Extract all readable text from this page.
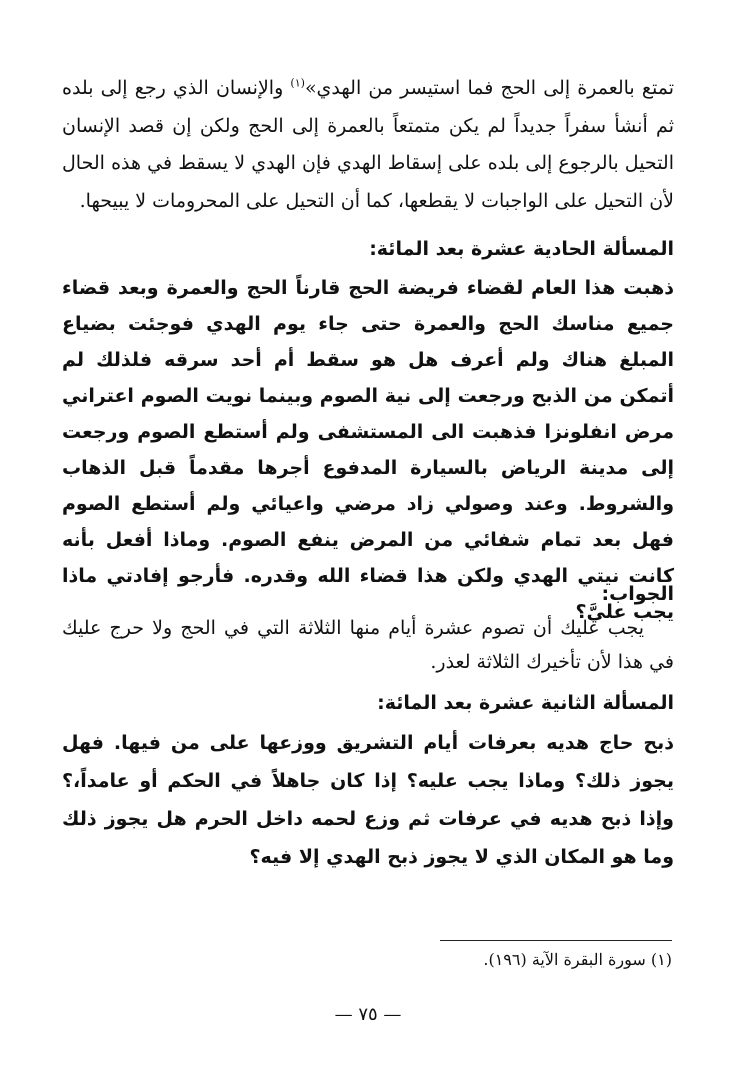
تمتع بالعمرة إلى الحج فما استيسر من الهدي»$^{(١)}$ والإنسان الذي رجع إلى بلده ثم أنشأ سفراً جديداً لم يكن متمتعاً بالعمرة إلى الحج ولكن إن قصد الإنسان التحيل بالرجوع إلى بلده على إسقاط الهدي فإن الهدي لا يسقط في هذه الحال لأن التحيل على الواجبات لا يقطعها، كما أن التحيل على المحرومات لا يبيحها.

المسألة الحادية عشرة بعد المائة:

ذهبت هذا العام لقضاء فريضة الحج قارناً الحج والعمرة وبعد قضاء جميع مناسك الحج والعمرة حتى جاء يوم الهدي فوجئت بضياع المبلغ هناك ولم أعرف هل هو سقط أم أحد سرقه فلذلك لم أتمكن من الذبح ورجعت إلى نية الصوم وبينما نويت الصوم اعتراني مرض انفلونزا فذهبت الى المستشفى ولم أستطع الصوم ورجعت إلى مدينة الرياض بالسيارة المدفوع أجرها مقدماً قبل الذهاب والشروط. وعند وصولي زاد مرضي واعيائي ولم أستطع الصوم فهل بعد تمام شفائي من المرض ينفع الصوم. وماذا أفعل بأنه كانت نيتي الهدي ولكن هذا قضاء الله وقدره. فأرجو إفادتي ماذا يجب عليَّ؟

الجواب:

يجب عليك أن تصوم عشرة أيام منها الثلاثة التي في الحج ولا حرج عليك في هذا لأن تأخيرك الثلاثة لعذر.

المسألة الثانية عشرة بعد المائة:

ذبح حاج هديه بعرفات أيام التشريق ووزعها على من فيها. فهل يجوز ذلك؟ وماذا يجب عليه؟ إذا كان جاهلاً في الحكم أو عامداً،؟ وإذا ذبح هديه في عرفات ثم وزع لحمه داخل الحرم هل يجوز ذلك وما هو المكان الذي لا يجوز ذبح الهدي إلا فيه؟

(١) سورة البقرة الآية (١٩٦).
— ٧٥ —
